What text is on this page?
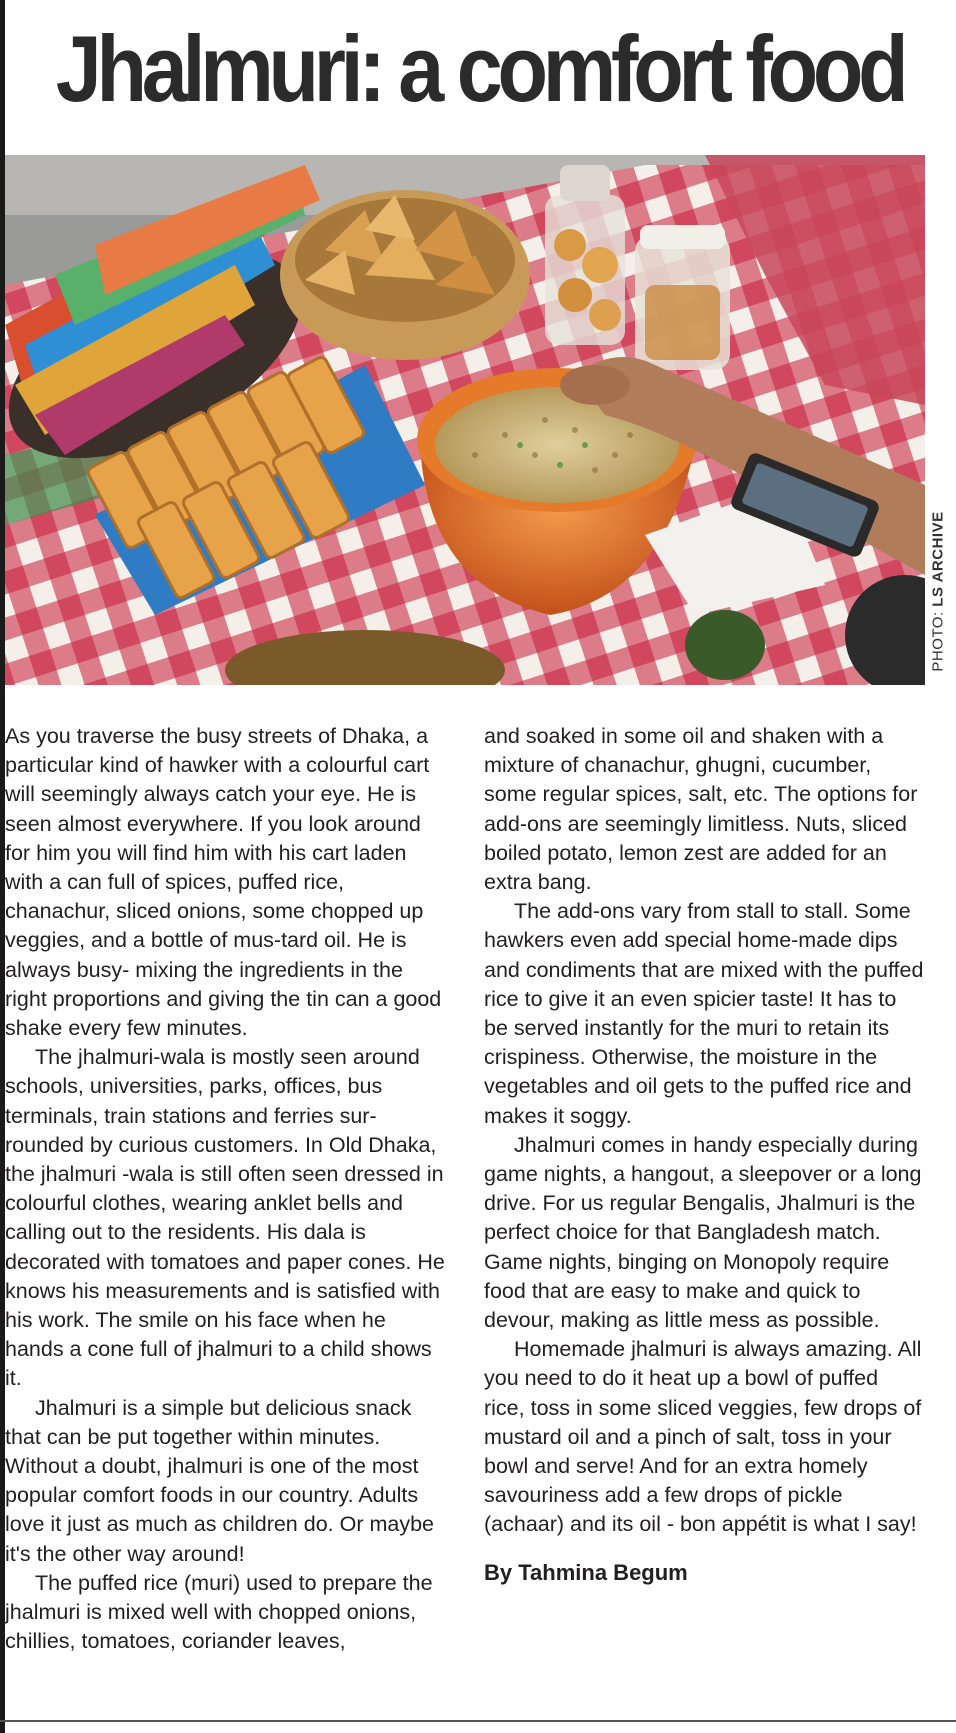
Jhalmuri: a comfort food
PHOTO: LS ARCHIVE

As you traverse the busy streets of Dhaka, a particular kind of hawker with a colourful cart will seemingly always catch your eye. He is seen almost everywhere. If you look around for him you will find him with his cart laden with a can full of spices, puffed rice, chanachur, sliced onions, some chopped up veggies, and a bottle of mus-tard oil. He is always busy- mixing the ingredients in the right proportions and giving the tin can a good shake every few minutes.

The jhalmuri-wala is mostly seen around schools, universities, parks, offices, bus terminals, train stations and ferries sur-rounded by curious customers. In Old Dhaka, the jhalmuri -wala is still often seen dressed in colourful clothes, wearing anklet bells and calling out to the residents. His dala is decorated with tomatoes and paper cones. He knows his measurements and is satisfied with his work. The smile on his face when he hands a cone full of jhalmuri to a child shows it.

Jhalmuri is a simple but delicious snack that can be put together within minutes. Without a doubt, jhalmuri is one of the most popular comfort foods in our country. Adults love it just as much as children do. Or maybe it's the other way around!

The puffed rice (muri) used to prepare the jhalmuri is mixed well with chopped onions, chillies, tomatoes, coriander leaves,

and soaked in some oil and shaken with a mixture of chanachur, ghugni, cucumber, some regular spices, salt, etc. The options for add-ons are seemingly limitless. Nuts, sliced boiled potato, lemon zest are added for an extra bang.

The add-ons vary from stall to stall. Some hawkers even add special home-made dips and condiments that are mixed with the puffed rice to give it an even spicier taste! It has to be served instantly for the muri to retain its crispiness. Otherwise, the moisture in the vegetables and oil gets to the puffed rice and makes it soggy.

Jhalmuri comes in handy especially during game nights, a hangout, a sleepover or a long drive. For us regular Bengalis, Jhalmuri is the perfect choice for that Bangladesh match. Game nights, binging on Monopoly require food that are easy to make and quick to devour, making as little mess as possible.

Homemade jhalmuri is always amazing. All you need to do it heat up a bowl of puffed rice, toss in some sliced veggies, few drops of mustard oil and a pinch of salt, toss in your bowl and serve! And for an extra homely savouriness add a few drops of pickle (achaar) and its oil - bon appétit is what I say!

By Tahmina Begum
